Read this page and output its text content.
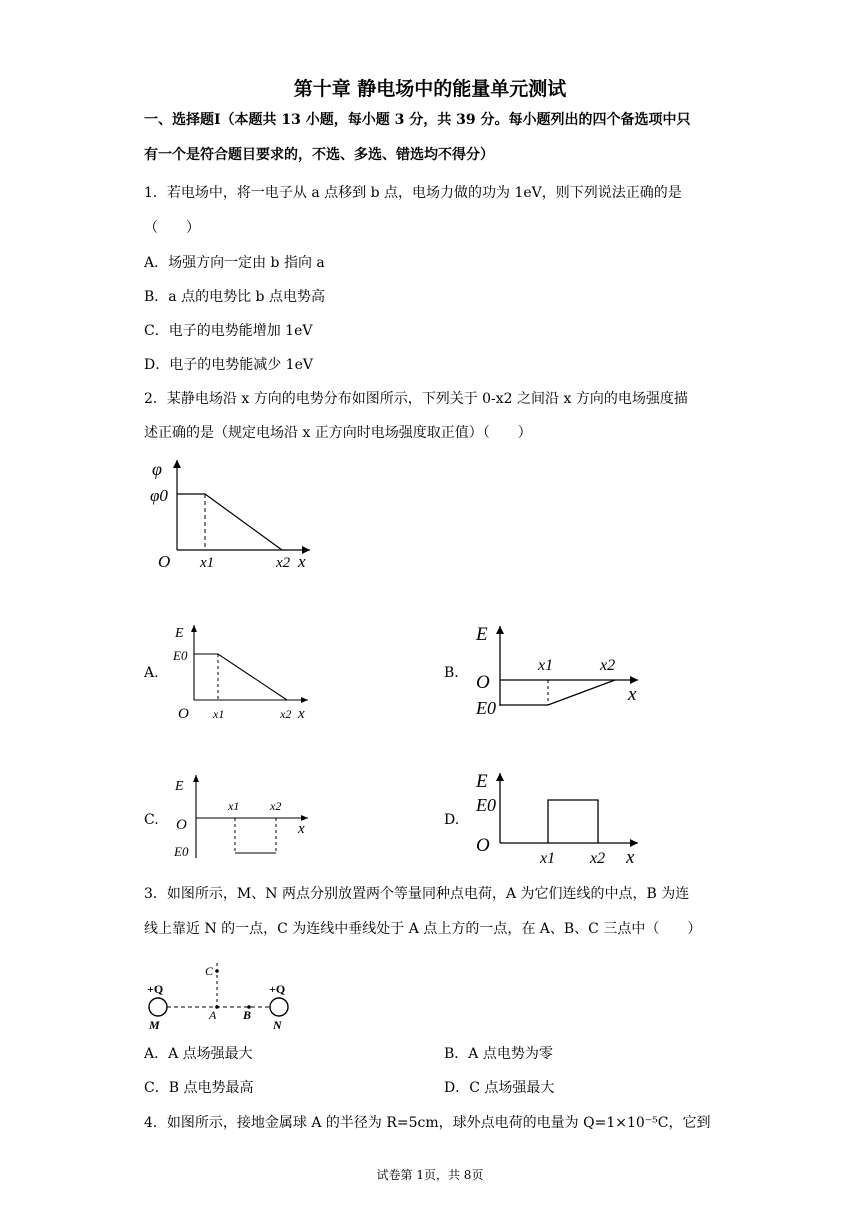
第十章 静电场中的能量单元测试
一、选择题Ⅰ（本题共 13 小题，每小题 3 分，共 39 分。每小题列出的四个备选项中只
有一个是符合题目要求的，不选、多选、错选均不得分）
1．若电场中，将一电子从 a 点移到 b 点，电场力做的功为 1eV，则下列说法正确的是
（　　）
A．场强方向一定由 b 指向 a
B．a 点的电势比 b 点电势高
C．电子的电势能增加 1eV
D．电子的电势能减少 1eV
2．某静电场沿 x 方向的电势分布如图所示，下列关于 0-x2 之间沿 x 方向的电场强度描
述正确的是（规定电场沿 x 正方向时电场强度取正值）（　　）
φ
φ0
O x1	x2 x
A.
E
E0
O x1	x2 x
B.
E
O
E0
x1	x2
x
C.
E
O
E0
x1	x2
x
D.
E
E0
O
x1 x2 x
3．如图所示，M、N 两点分别放置两个等量同种点电荷，A 为它们连线的中点，B 为连
线上靠近 N 的一点，C 为连线中垂线处于 A 点上方的一点，在 A、B、C 三点中（　　）
C
+Q	+Q
M
A B
N
A．A 点场强最大	B．A 点电势为零
C．B 点电势最高	D．C 点场强最大
4．如图所示，接地金属球 A 的半径为 R=5cm，球外点电荷的电量为 Q=1×10⁻⁵C，它到
试卷第 1页，共 8页
